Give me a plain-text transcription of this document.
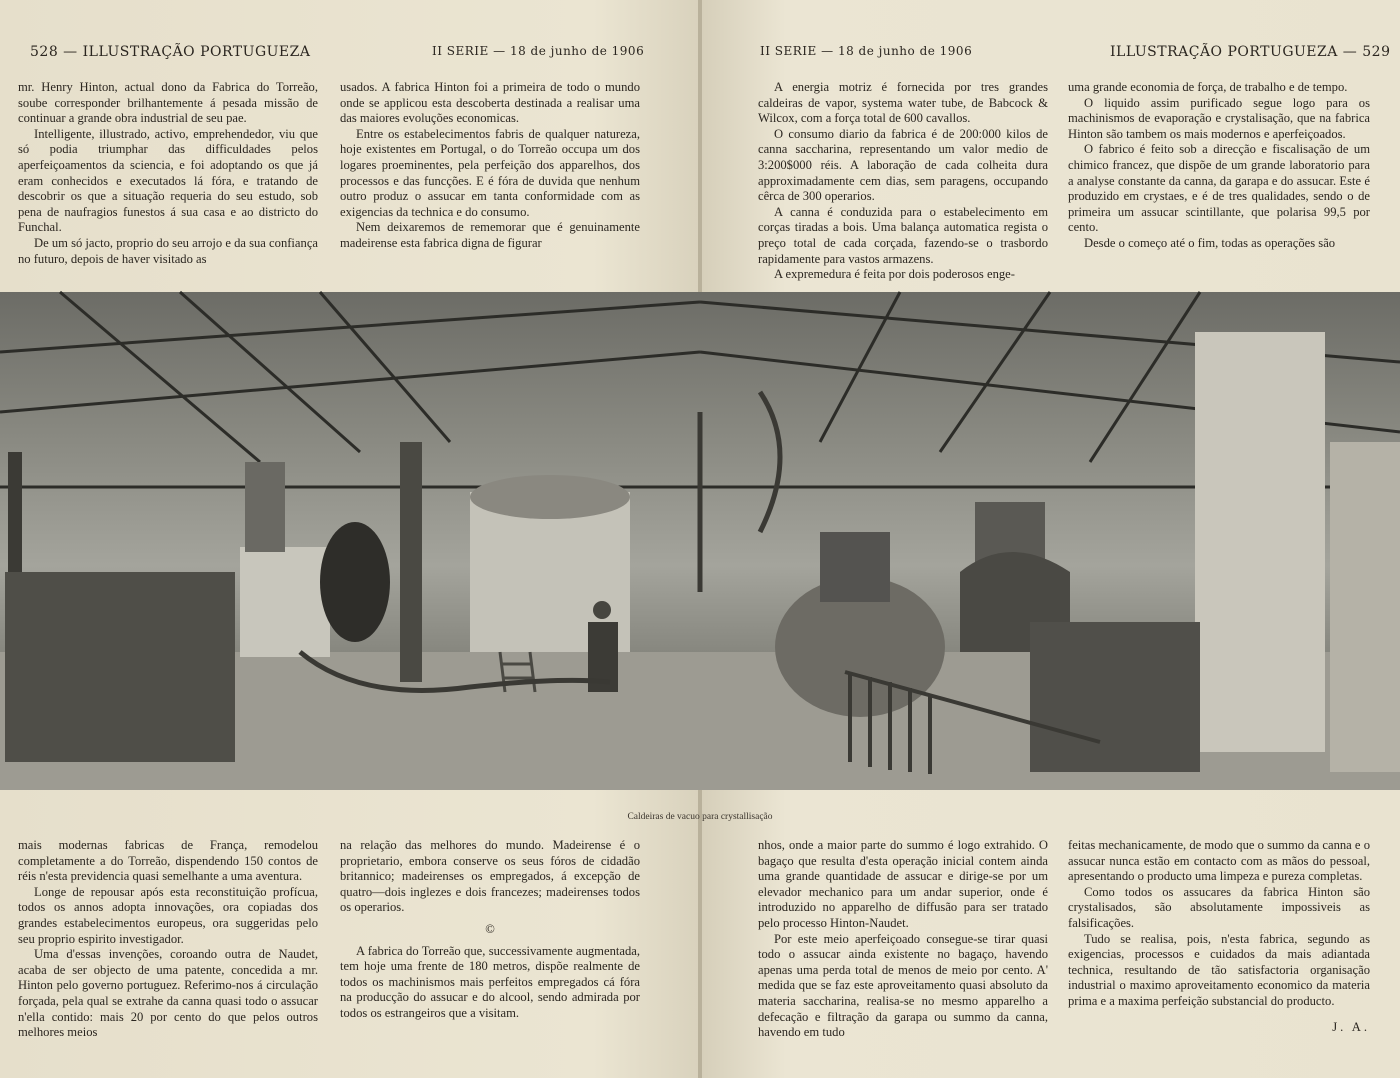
528 — ILLUSTRAÇÃO PORTUGUEZA	II SERIE — 18 de junho de 1906	II SERIE — 18 de junho de 1906	ILLUSTRAÇÃO PORTUGUEZA — 529

mr. Henry Hinton, actual dono da Fabrica do Torreão, soube corresponder brilhantemente á pesada missão de continuar a grande obra industrial de seu pae.

Intelligente, illustrado, activo, emprehendedor, viu que só podia triumphar das difficuldades pelos aperfeiçoamentos da sciencia, e foi adoptando os que já eram conhecidos e executados lá fóra, e tratando de descobrir os que a situação requeria do seu estudo, sob pena de naufragios funestos á sua casa e ao districto do Funchal.

De um só jacto, proprio do seu arrojo e da sua confiança no futuro, depois de haver visitado as

usados. A fabrica Hinton foi a primeira de todo o mundo onde se applicou esta descoberta destinada a realisar uma das maiores evoluções economicas.

Entre os estabelecimentos fabris de qualquer natureza, hoje existentes em Portugal, o do Torreão occupa um dos logares proeminentes, pela perfeição dos apparelhos, dos processos e das funcções. E é fóra de duvida que nenhum outro produz o assucar em tanta conformidade com as exigencias da technica e do consumo.

Nem deixaremos de rememorar que é genuinamente madeirense esta fabrica digna de figurar

A energia motriz é fornecida por tres grandes caldeiras de vapor, systema water tube, de Babcock & Wilcox, com a força total de 600 cavallos.

O consumo diario da fabrica é de 200:000 kilos de canna saccharina, representando um valor medio de 3:200$000 réis. A laboração de cada colheita dura approximadamente cem dias, sem paragens, occupando cêrca de 300 operarios.

A canna é conduzida para o estabelecimento em corças tiradas a bois. Uma balança automatica regista o preço total de cada corçada, fazendo-se o trasbordo rapidamente para vastos armazens.

A expremedura é feita por dois poderosos enge-

uma grande economia de força, de trabalho e de tempo.

O liquido assim purificado segue logo para os machinismos de evaporação e crystalisação, que na fabrica Hinton são tambem os mais modernos e aperfeiçoados.

O fabrico é feito sob a direcção e fiscalisação de um chimico francez, que dispõe de um grande laboratorio para a analyse constante da canna, da garapa e do assucar. Este é produzido em crystaes, e é de tres qualidades, sendo o de primeira um assucar scintillante, que polarisa 99,5 por cento.

Desde o começo até o fim, todas as operações são

Caldeiras de vacuo para crystallisação

mais modernas fabricas de França, remodelou completamente a do Torreão, dispendendo 150 contos de réis n'esta previdencia quasi semelhante a uma aventura.

Longe de repousar após esta reconstituição profícua, todos os annos adopta innovações, ora copiadas dos grandes estabelecimentos europeus, ora suggeridas pelo seu proprio espirito investigador.

Uma d'essas invenções, coroando outra de Naudet, acaba de ser objecto de uma patente, concedida a mr. Hinton pelo governo portuguez. Referimo-nos á circulação forçada, pela qual se extrahe da canna quasi todo o assucar n'ella contido: mais 20 por cento do que pelos outros melhores meios

na relação das melhores do mundo. Madeirense é o proprietario, embora conserve os seus fóros de cidadão britannico; madeirenses os empregados, á excepção de quatro—dois inglezes e dois francezes; madeirenses todos os operarios.

©

A fabrica do Torreão que, successivamente augmentada, tem hoje uma frente de 180 metros, dispõe realmente de todos os machinismos mais perfeitos empregados cá fóra na producção do assucar e do alcool, sendo admirada por todos os estrangeiros que a visitam.

nhos, onde a maior parte do summo é logo extrahido. O bagaço que resulta d'esta operação inicial contem ainda uma grande quantidade de assucar e dirige-se por um elevador mechanico para um andar superior, onde é introduzido no apparelho de diffusão para ser tratado pelo processo Hinton-Naudet.

Por este meio aperfeiçoado consegue-se tirar quasi todo o assucar ainda existente no bagaço, havendo apenas uma perda total de menos de meio por cento. A' medida que se faz este aproveitamento quasi absoluto da materia saccharina, realisa-se no mesmo apparelho a defecação e filtração da garapa ou summo da canna, havendo em tudo

feitas mechanicamente, de modo que o summo da canna e o assucar nunca estão em contacto com as mãos do pessoal, apresentando o producto uma limpeza e pureza completas.

Como todos os assucares da fabrica Hinton são crystalisados, são absolutamente impossiveis as falsificações.

Tudo se realisa, pois, n'esta fabrica, segundo as exigencias, processos e cuidados da mais adiantada technica, resultando de tão satisfactoria organisação industrial o maximo aproveitamento economico da materia prima e a maxima perfeição substancial do producto.

J. A.
